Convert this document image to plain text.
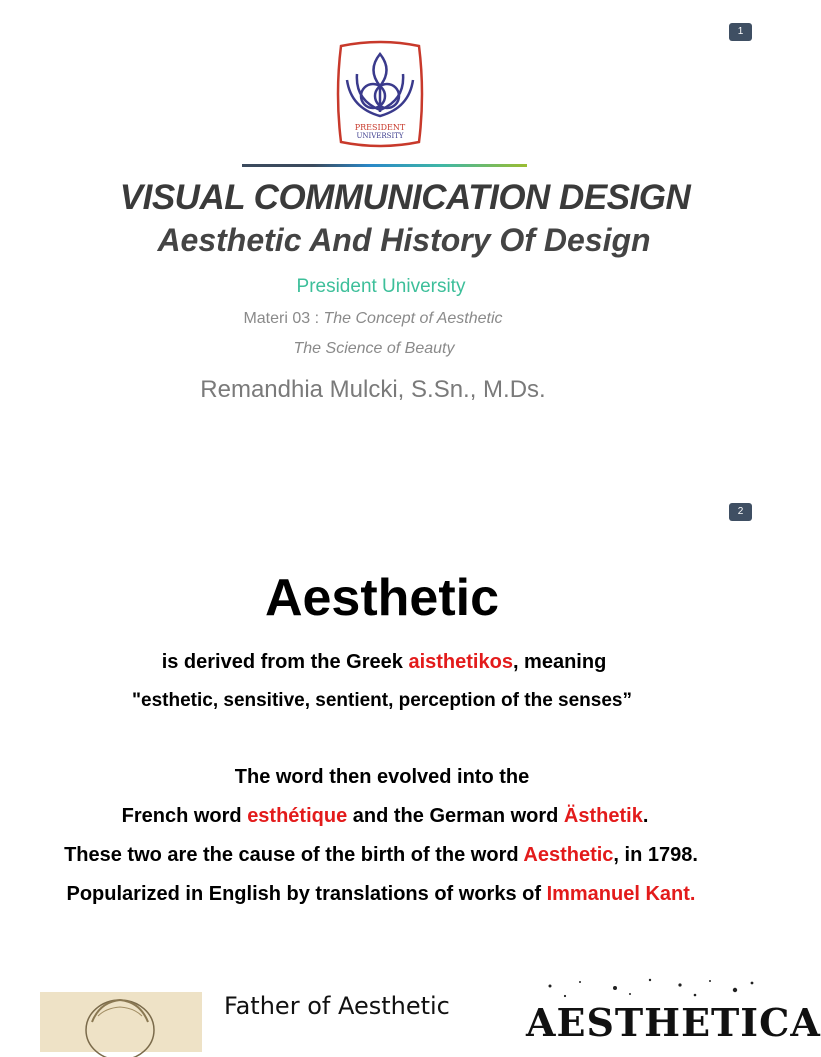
1
PRESIDENT
UNIVERSITY
VISUAL COMMUNICATION DESIGN
Aesthetic And History Of Design
President University
Materi 03 : The Concept of Aesthetic
The Science of Beauty
Remandhia Mulcki, S.Sn., M.Ds.
2
Aesthetic
is derived from the Greek aisthetikos, meaning
"esthetic, sensitive, sentient, perception of the senses”
The word then evolved into the
French word esthétique and the German word Ästhetik.
These two are the cause of the birth of the word Aesthetic, in 1798.
Popularized in English by translations of works of Immanuel Kant.
Father of Aesthetic AESTHETICA
